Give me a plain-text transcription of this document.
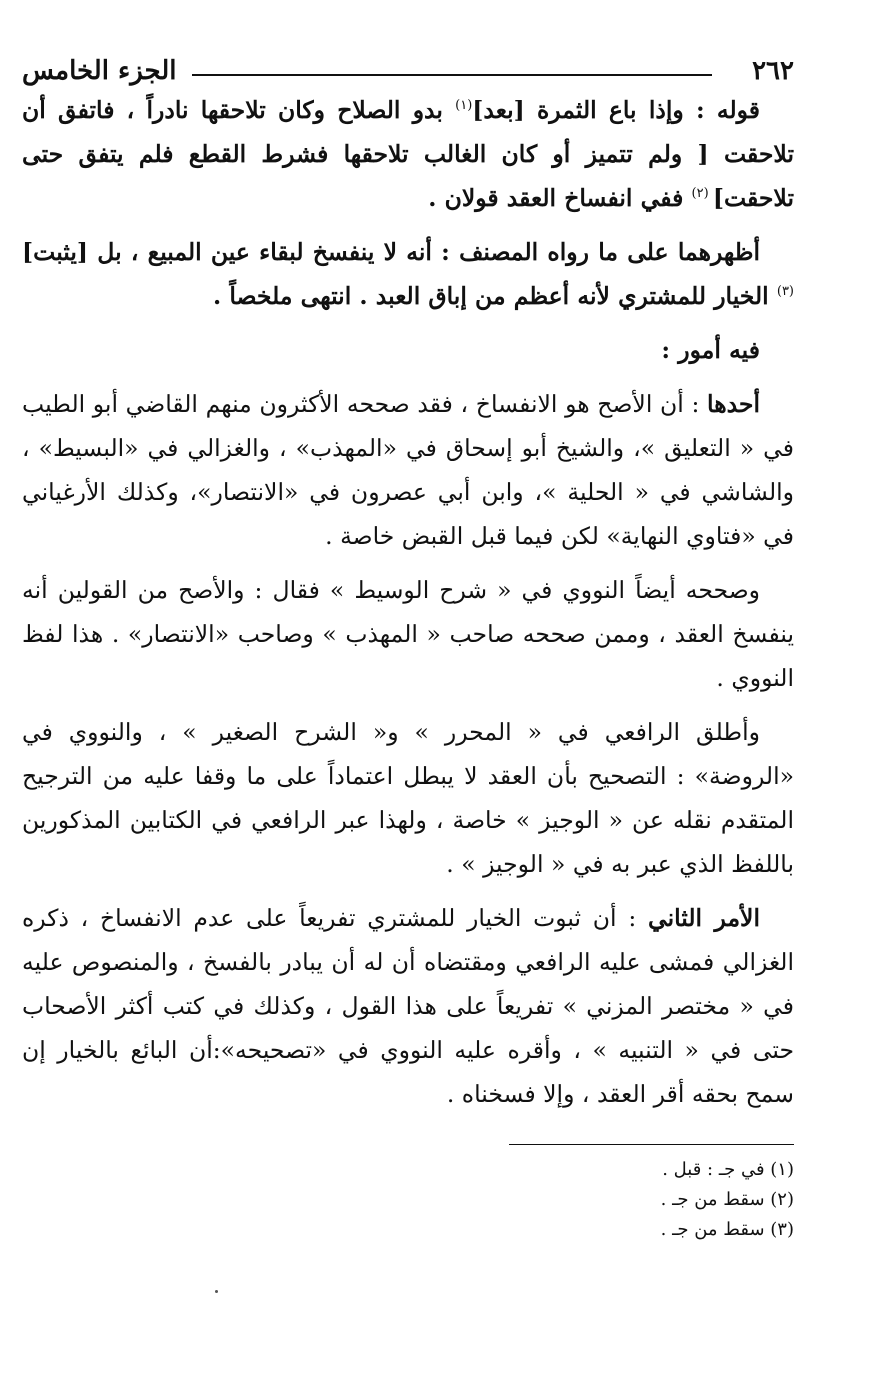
٢٦٢
الجزء الخامس

قوله : وإذا باع الثمرة [بعد]$^{(١)}$ بدو الصلاح وكان تلاحقها نادراً ، فاتفق أن تلاحقت [ ولم تتميز أو كان الغالب تلاحقها فشرط القطع فلم يتفق حتى تلاحقت] $^{(٢)}$ ففي انفساخ العقد قولان .

أظهرهما على ما رواه المصنف : أنه لا ينفسخ لبقاء عين المبيع ، بل [يثبت] $^{(٣)}$ الخيار للمشتري لأنه أعظم من إباق العبد . انتهى ملخصاً .

فيه أمور :

أحدها : أن الأصح هو الانفساخ ، فقد صححه الأكثرون منهم القاضي أبو الطيب في « التعليق »، والشيخ أبو إسحاق في «المهذب» ، والغزالي في «البسيط» ، والشاشي في « الحلية »، وابن أبي عصرون في «الانتصار»، وكذلك الأرغياني في «فتاوي النهاية» لكن فيما قبل القبض خاصة .

وصححه أيضاً النووي في « شرح الوسيط » فقال : والأصح من القولين أنه ينفسخ العقد ، وممن صححه صاحب « المهذب » وصاحب «الانتصار» . هذا لفظ النووي .

وأطلق الرافعي في « المحرر » و« الشرح الصغير » ، والنووي في «الروضة» : التصحيح بأن العقد لا يبطل اعتماداً على ما وقفا عليه من الترجيح المتقدم نقله عن « الوجيز » خاصة ، ولهذا عبر الرافعي في الكتابين المذكورين باللفظ الذي عبر به في « الوجيز » .

الأمر الثاني : أن ثبوت الخيار للمشتري تفريعاً على عدم الانفساخ ، ذكره الغزالي فمشى عليه الرافعي ومقتضاه أن له أن يبادر بالفسخ ، والمنصوص عليه في « مختصر المزني » تفريعاً على هذا القول ، وكذلك في كتب أكثر الأصحاب حتى في « التنبيه » ، وأقره عليه النووي في «تصحيحه»:أن البائع بالخيار إن سمح بحقه أقر العقد ، وإلا فسخناه .

(١) في جـ : قبل .

(٢) سقط من جـ .

(٣) سقط من جـ .
